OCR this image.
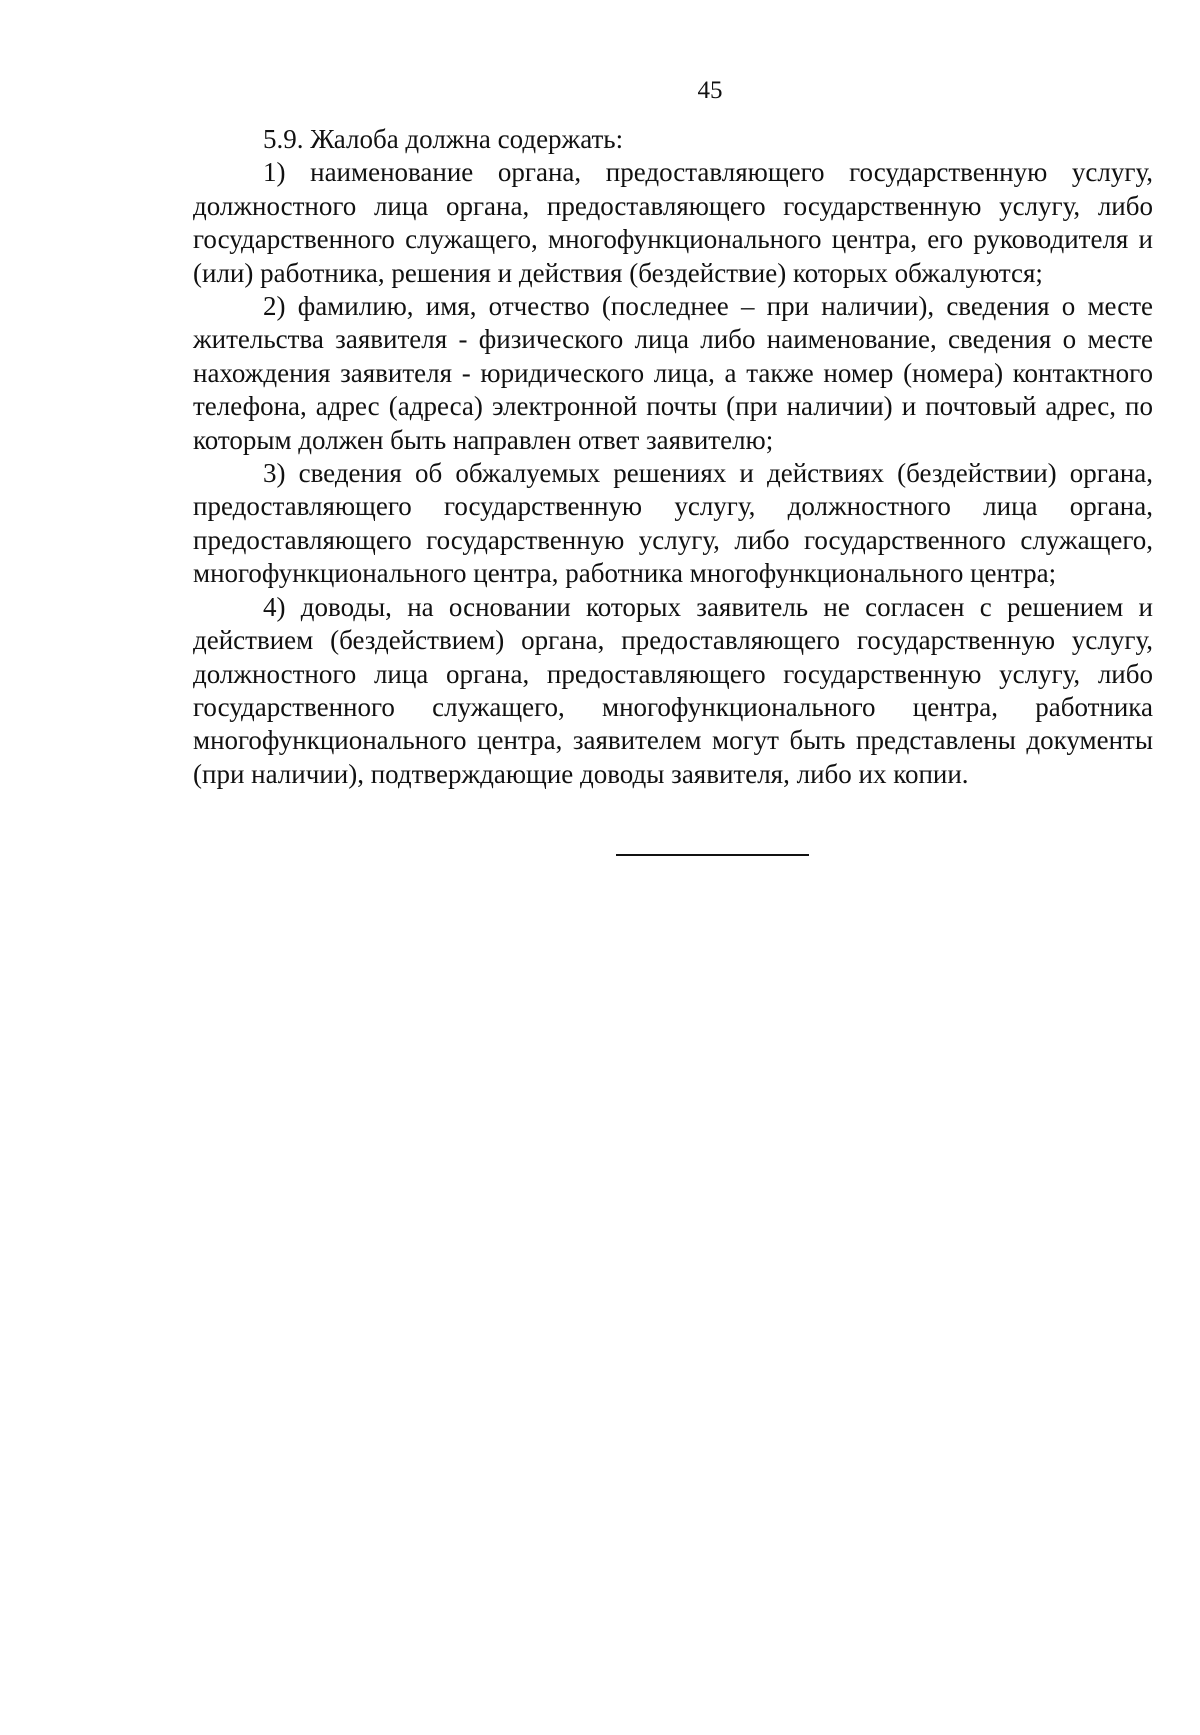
45

5.9. Жалоба должна содержать:

1) наименование органа, предоставляющего государственную услугу, должностного лица органа, предоставляющего государственную услугу, либо государственного служащего, многофункционального центра, его руководителя и (или) работника, решения и действия (бездействие) которых обжалуются;

2) фамилию, имя, отчество (последнее – при наличии), сведения о месте жительства заявителя - физического лица либо наименование, сведения о месте нахождения заявителя - юридического лица, а также номер (номера) контактного телефона, адрес (адреса) электронной почты (при наличии) и почтовый адрес, по которым должен быть направлен ответ заявителю;

3) сведения об обжалуемых решениях и действиях (бездействии) органа, предоставляющего государственную услугу, должностного лица органа, предоставляющего государственную услугу, либо государственного служащего, многофункционального центра, работника многофункционального центра;

4) доводы, на основании которых заявитель не согласен с решением и действием (бездействием) органа, предоставляющего государственную услугу, должностного лица органа, предоставляющего государственную услугу, либо государственного служащего, многофункционального центра, работника многофункционального центра, заявителем могут быть представлены документы (при наличии), подтверждающие доводы заявителя, либо их копии.
